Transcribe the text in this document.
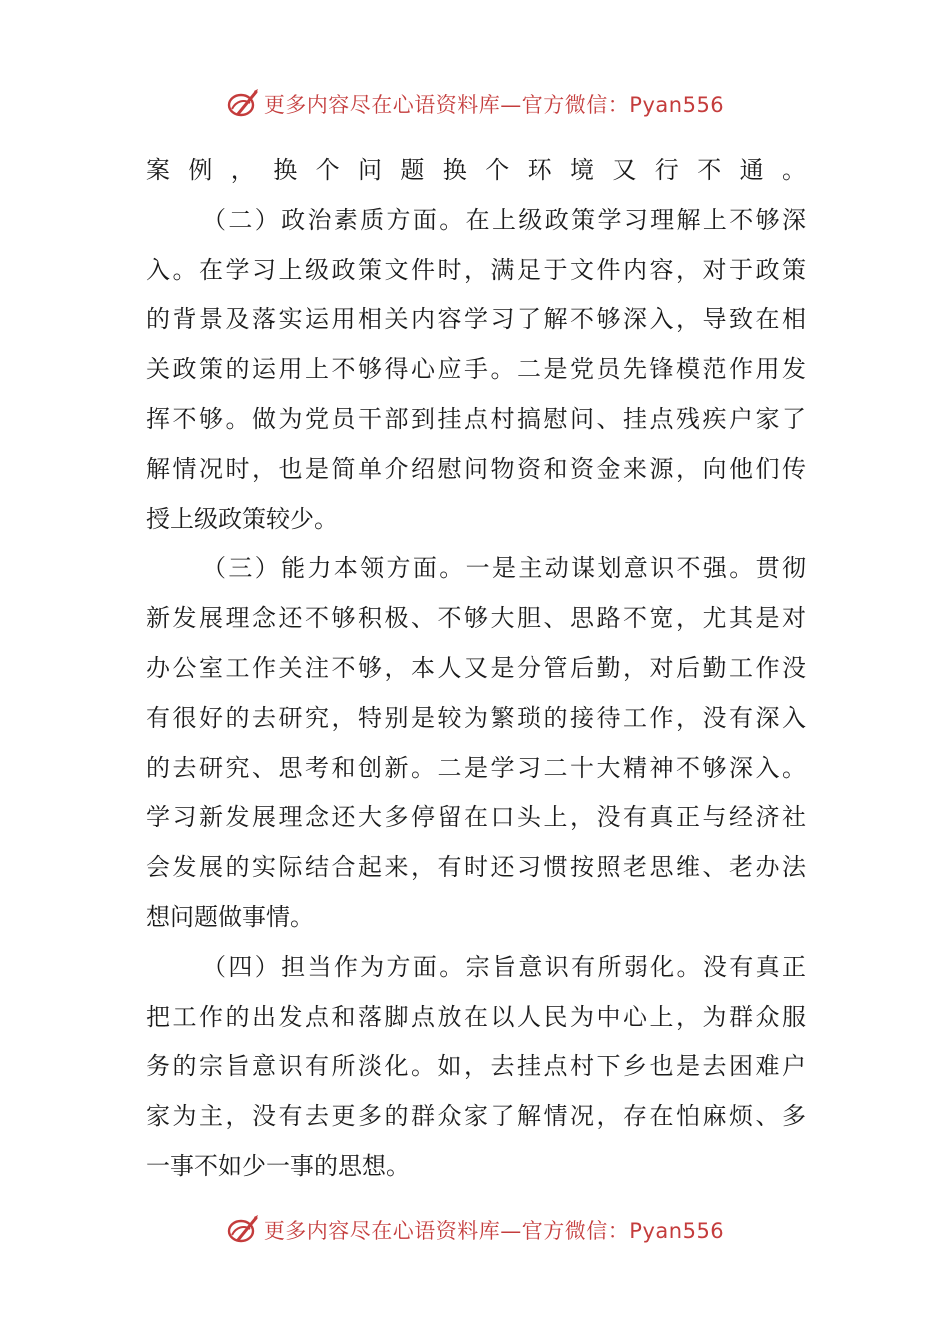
更多内容尽在心语资料库—官方微信：Pyan556
案例，换个问题换个环境又行不通。
（二）政治素质方面。在上级政策学习理解上不够深
入。在学习上级政策文件时，满足于文件内容，对于政策
的背景及落实运用相关内容学习了解不够深入，导致在相
关政策的运用上不够得心应手。二是党员先锋模范作用发
挥不够。做为党员干部到挂点村搞慰问、挂点残疾户家了
解情况时，也是简单介绍慰问物资和资金来源，向他们传
授上级政策较少。
（三）能力本领方面。一是主动谋划意识不强。贯彻
新发展理念还不够积极、不够大胆、思路不宽，尤其是对
办公室工作关注不够，本人又是分管后勤，对后勤工作没
有很好的去研究，特别是较为繁琐的接待工作，没有深入
的去研究、思考和创新。二是学习二十大精神不够深入。
学习新发展理念还大多停留在口头上，没有真正与经济社
会发展的实际结合起来，有时还习惯按照老思维、老办法
想问题做事情。
（四）担当作为方面。宗旨意识有所弱化。没有真正
把工作的出发点和落脚点放在以人民为中心上，为群众服
务的宗旨意识有所淡化。如，去挂点村下乡也是去困难户
家为主，没有去更多的群众家了解情况，存在怕麻烦、多
一事不如少一事的思想。
更多内容尽在心语资料库—官方微信：Pyan556
